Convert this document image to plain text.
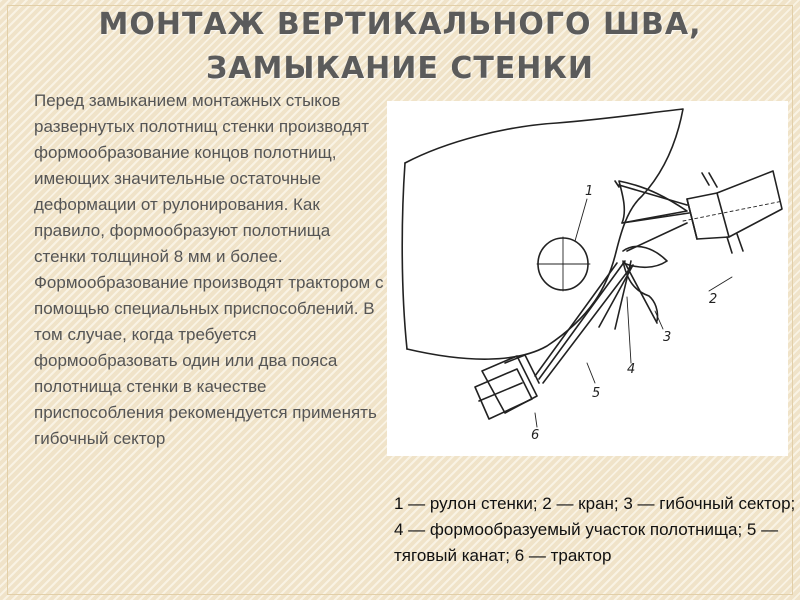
МОНТАЖ ВЕРТИКАЛЬНОГО ШВА,
ЗАМЫКАНИЕ СТЕНКИ
Перед замыканием монтажных стыков развернутых полотнищ стенки производят формообразование концов полотнищ, имеющих значительные остаточные деформации от рулонирования. Как правило, формообразуют полотнища стенки толщиной 8 мм и более. Формообразование производят трактором с помощью специальных приспособлений. В том случае, когда требуется формообразовать один или два пояса полотнища стенки в качестве приспособления рекомендуется применять гибочный сектор
1
2
3
4
5
6
1 — рулон стенки; 2 — кран; 3 — гибочный сектор; 4 — формообразуемый участок полотнища; 5 — тяговый канат; 6 — трактор
